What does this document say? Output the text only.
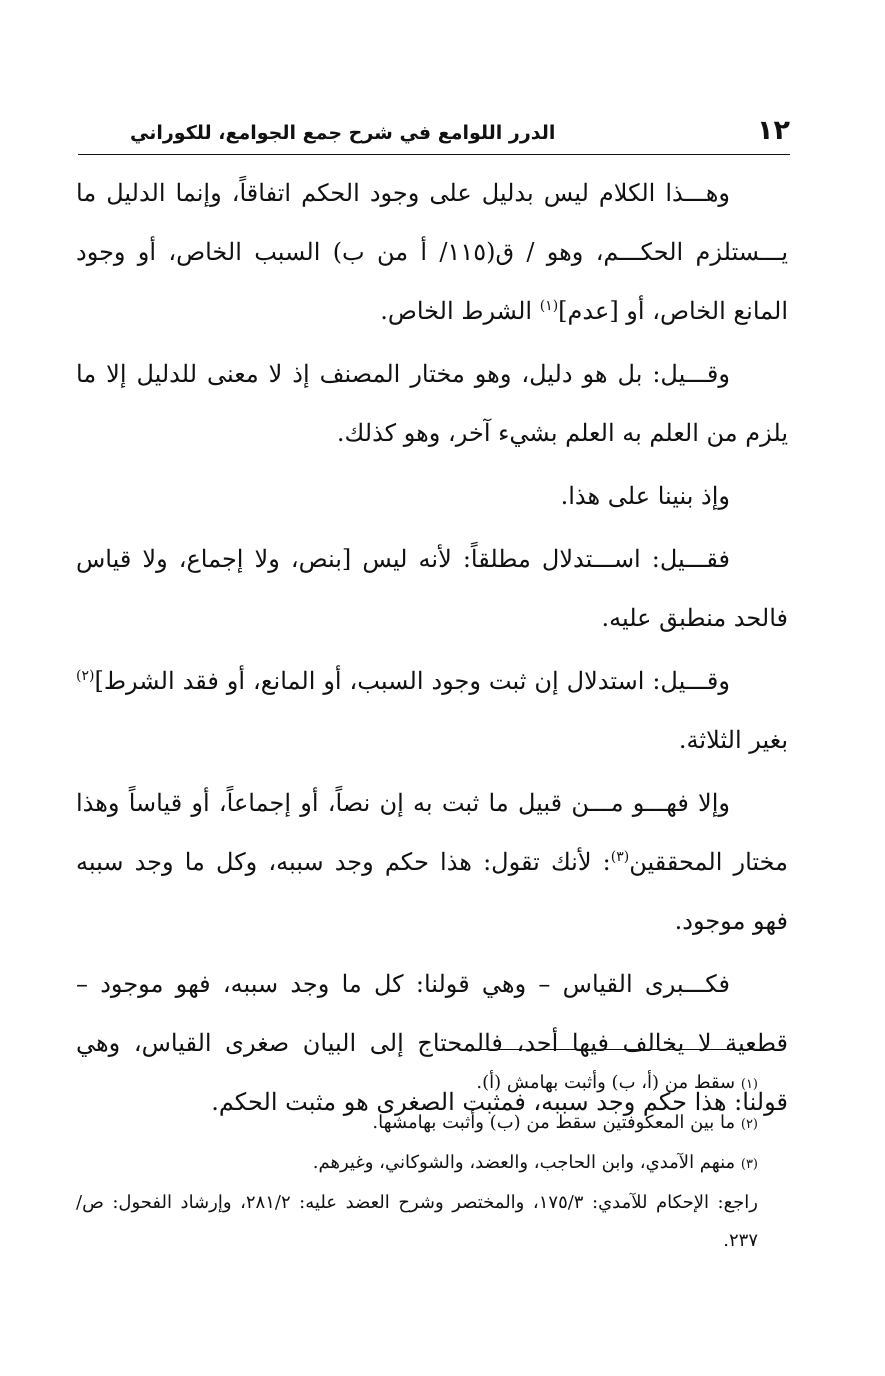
١٢
الدرر اللوامع في شرح جمع الجوامع، للكوراني

وهـــذا الكلام ليس بدليل على وجود الحكم اتفاقاً، وإنما الدليل ما يـــستلزم الحكـــم، وهو / ق(١١٥/ أ من ب) السبب الخاص، أو وجود المانع الخاص، أو [عدم]$^{(١)}$ الشرط الخاص.

وقـــيل: بل هو دليل، وهو مختار المصنف إذ لا معنى للدليل إلا ما يلزم من العلم به العلم بشيء آخر، وهو كذلك.

وإذ بنينا على هذا.

فقـــيل: اســـتدلال مطلقاً: لأنه ليس [بنص، ولا إجماع، ولا قياس فالحد منطبق عليه.

وقـــيل: استدلال إن ثبت وجود السبب، أو المانع، أو فقد الشرط]$^{(٢)}$ بغير الثلاثة.

وإلا فهـــو مـــن قبيل ما ثبت به إن نصاً، أو إجماعاً، أو قياساً وهذا مختار المحققين$^{(٣)}$: لأنك تقول: هذا حكم وجد سببه، وكل ما وجد سببه فهو موجود.

فكـــبرى القياس – وهي قولنا: كل ما وجد سببه، فهو موجود – قطعية لا يخالف فيها أحد، فالمحتاج إلى البيان صغرى القياس، وهي قولنا: هذا حكم وجد سببه، فمثبت الصغرى هو مثبت الحكم.

(١) سقط من (أ، ب) وأثبت بهامش (أ).

(٢) ما بين المعكوفتين سقط من (ب) وأثبت بهامشها.

(٣) منهم الآمدي، وابن الحاجب، والعضد، والشوكاني، وغيرهم.

راجع: الإحكام للآمدي: ١٧٥/٣، والمختصر وشرح العضد عليه: ٢٨١/٢، وإرشاد الفحول: ص/٢٣٧.
